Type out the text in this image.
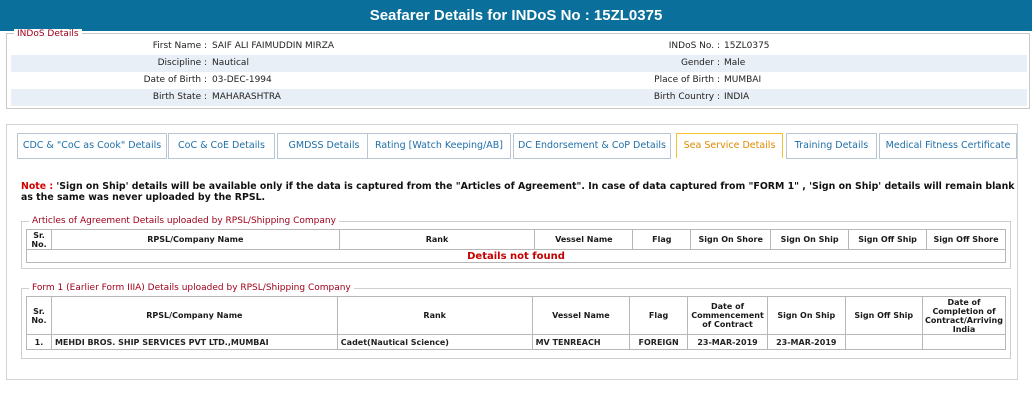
Seafarer Details for INDoS No : 15ZL0375
INDoS Details
First Name : SAIF ALI FAIMUDDIN MIRZA	INDoS No. : 15ZL0375
Discipline : Nautical	Gender : Male
Date of Birth : 03-DEC-1994	Place of Birth : MUMBAI
Birth State : MAHARASHTRA	Birth Country : INDIA
CDC & "CoC as Cook" Details	CoC & CoE Details	GMDSS Details	Rating [Watch Keeping/AB]	DC Endorsement & CoP Details	Sea Service Details	Training Details	Medical Fitness Certificate
Note : 'Sign on Ship' details will be available only if the data is captured from the "Articles of Agreement". In case of data captured from "FORM 1" , 'Sign on Ship' details will remain blank as the same was never uploaded by the RPSL.
Articles of Agreement Details uploaded by RPSL/Shipping Company
Sr. No.	RPSL/Company Name	Rank	Vessel Name	Flag	Sign On Shore	Sign On Ship	Sign Off Ship	Sign Off Shore
Details not found
Form 1 (Earlier Form IIIA) Details uploaded by RPSL/Shipping Company
Sr. No.	RPSL/Company Name	Rank	Vessel Name	Flag	Date of Commencement of Contract	Sign On Ship	Sign Off Ship	Date of Completion of Contract/Arriving India
1.	MEHDI BROS. SHIP SERVICES PVT LTD.,MUMBAI	Cadet(Nautical Science)	MV TENREACH	FOREIGN	23-MAR-2019	23-MAR-2019		
